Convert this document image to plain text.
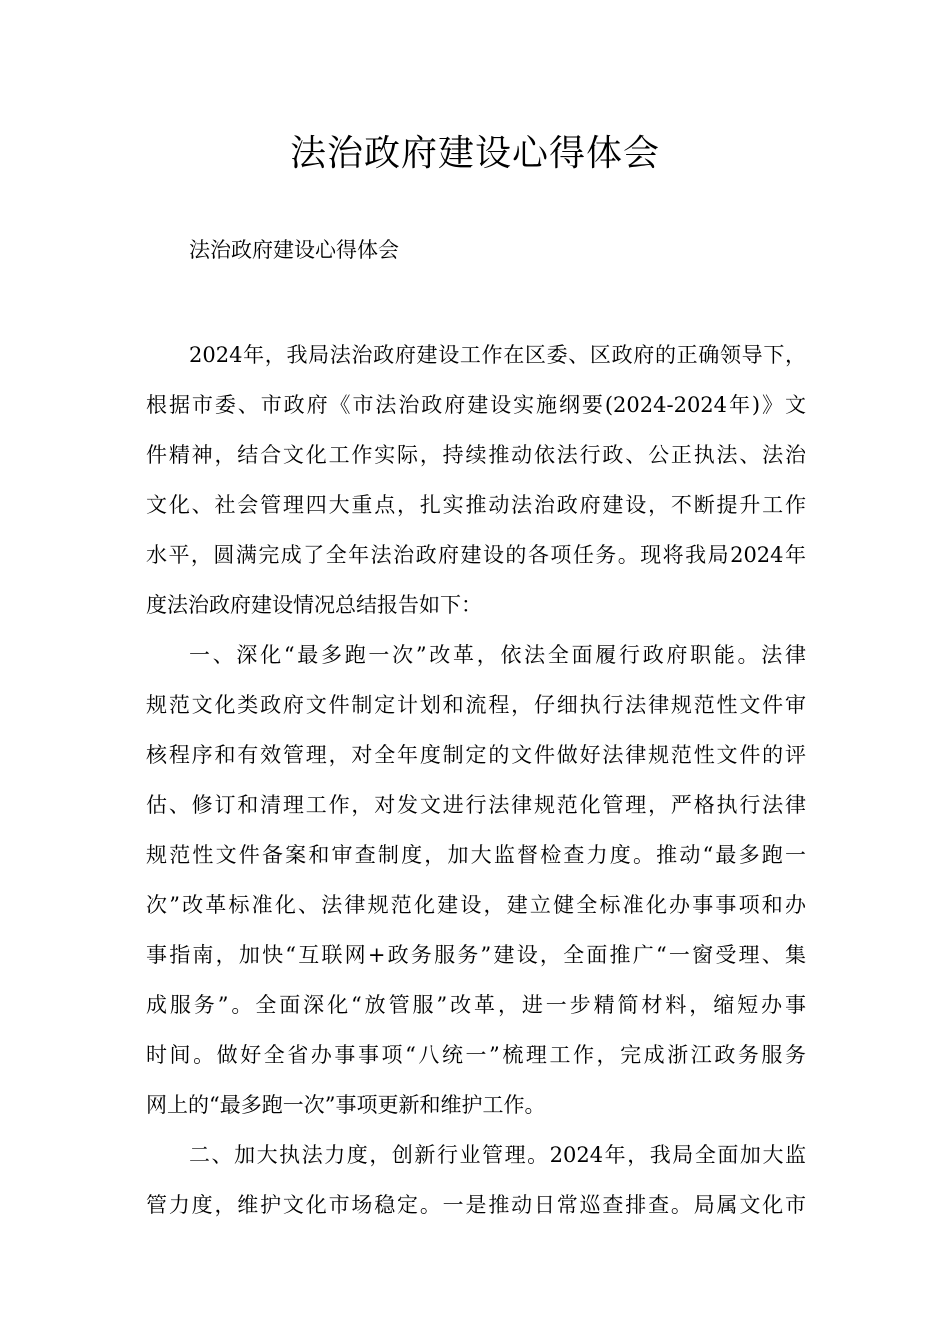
法治政府建设心得体会

法治政府建设心得体会

2024年，我局法治政府建设工作在区委、区政府的正确领导下，
根据市委、市政府《市法治政府建设实施纲要(2024-2024年)》文
件精神，结合文化工作实际，持续推动依法行政、公正执法、法治
文化、社会管理四大重点，扎实推动法治政府建设，不断提升工作
水平，圆满完成了全年法治政府建设的各项任务。现将我局2024年
度法治政府建设情况总结报告如下：
一、深化“最多跑一次”改革，依法全面履行政府职能。法律
规范文化类政府文件制定计划和流程，仔细执行法律规范性文件审
核程序和有效管理，对全年度制定的文件做好法律规范性文件的评
估、修订和清理工作，对发文进行法律规范化管理，严格执行法律
规范性文件备案和审查制度，加大监督检查力度。推动“最多跑一
次”改革标准化、法律规范化建设，建立健全标准化办事事项和办
事指南，加快“互联网+政务服务”建设，全面推广“一窗受理、集
成服务”。全面深化“放管服”改革，进一步精简材料，缩短办事
时间。做好全省办事事项“八统一”梳理工作，完成浙江政务服务
网上的“最多跑一次”事项更新和维护工作。
二、加大执法力度，创新行业管理。2024年，我局全面加大监
管力度，维护文化市场稳定。一是推动日常巡查排查。局属文化市
